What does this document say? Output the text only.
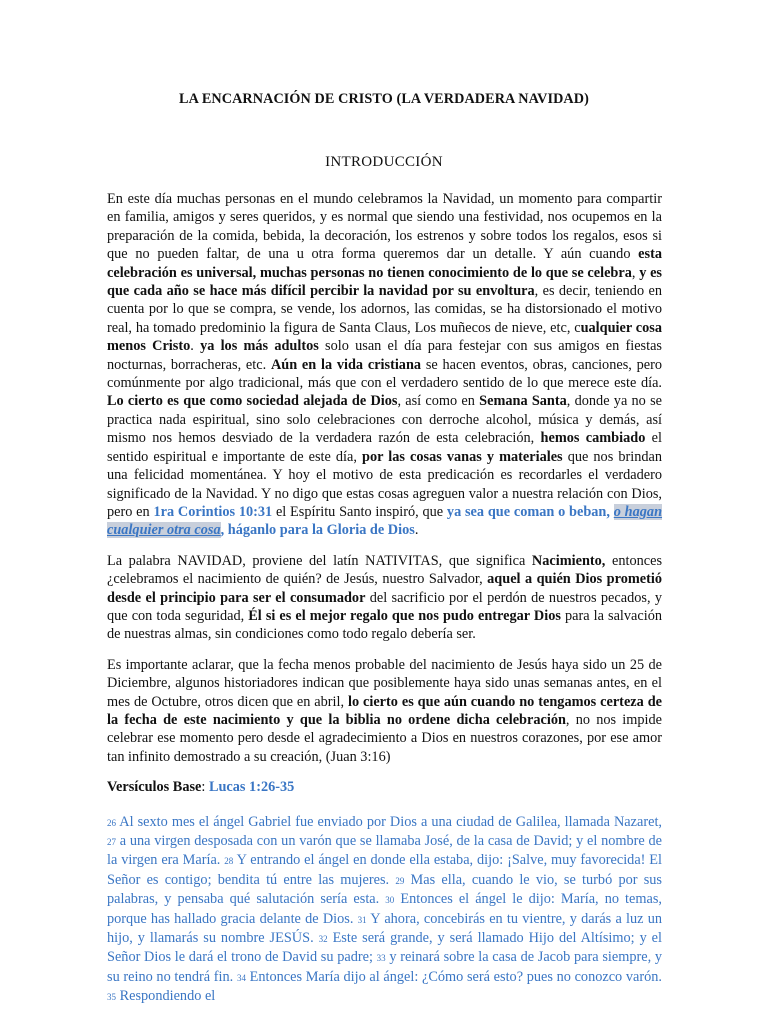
LA ENCARNACIÓN DE CRISTO (LA VERDADERA NAVIDAD)
INTRODUCCIÓN

En este día muchas personas en el mundo celebramos la Navidad, un momento para compartir en familia, amigos y seres queridos, y es normal que siendo una festividad, nos ocupemos en la preparación de la comida, bebida, la decoración, los estrenos y sobre todos los regalos, esos si que no pueden faltar, de una u otra forma queremos dar un detalle. Y aún cuando esta celebración es universal, muchas personas no tienen conocimiento de lo que se celebra, y es que cada año se hace más difícil percibir la navidad por su envoltura, es decir, teniendo en cuenta por lo que se compra, se vende, los adornos, las comidas, se ha distorsionado el motivo real, ha tomado predominio la figura de Santa Claus, Los muñecos de nieve, etc, cualquier cosa menos Cristo. ya los más adultos solo usan el día para festejar con sus amigos en fiestas nocturnas, borracheras, etc. Aún en la vida cristiana se hacen eventos, obras, canciones, pero comúnmente por algo tradicional, más que con el verdadero sentido de lo que merece este día. Lo cierto es que como sociedad alejada de Dios, así como en Semana Santa, donde ya no se practica nada espiritual, sino solo celebraciones con derroche alcohol, música y demás, así mismo nos hemos desviado de la verdadera razón de esta celebración, hemos cambiado el sentido espiritual e importante de este día, por las cosas vanas y materiales que nos brindan una felicidad momentánea. Y hoy el motivo de esta predicación es recordarles el verdadero significado de la Navidad. Y no digo que estas cosas agreguen valor a nuestra relación con Dios, pero en 1ra Corintios 10:31 el Espíritu Santo inspiró, que ya sea que coman o beban, o hagan cualquier otra cosa, háganlo para la Gloria de Dios.

La palabra NAVIDAD, proviene del latín NATIVITAS, que significa Nacimiento, entonces ¿celebramos el nacimiento de quién? de Jesús, nuestro Salvador, aquel a quién Dios prometió desde el principio para ser el consumador del sacrificio por el perdón de nuestros pecados, y que con toda seguridad, Él si es el mejor regalo que nos pudo entregar Dios para la salvación de nuestras almas, sin condiciones como todo regalo debería ser.

Es importante aclarar, que la fecha menos probable del nacimiento de Jesús haya sido un 25 de Diciembre, algunos historiadores indican que posiblemente haya sido unas semanas antes, en el mes de Octubre, otros dicen que en abril, lo cierto es que aún cuando no tengamos certeza de la fecha de este nacimiento y que la biblia no ordene dicha celebración, no nos impide celebrar ese momento pero desde el agradecimiento a Dios en nuestros corazones, por ese amor tan infinito demostrado a su creación, (Juan 3:16)

Versículos Base: Lucas 1:26-35

26 Al sexto mes el ángel Gabriel fue enviado por Dios a una ciudad de Galilea, llamada Nazaret, 27 a una virgen desposada con un varón que se llamaba José, de la casa de David; y el nombre de la virgen era María. 28 Y entrando el ángel en donde ella estaba, dijo: ¡Salve, muy favorecida! El Señor es contigo; bendita tú entre las mujeres. 29 Mas ella, cuando le vio, se turbó por sus palabras, y pensaba qué salutación sería esta. 30 Entonces el ángel le dijo: María, no temas, porque has hallado gracia delante de Dios. 31 Y ahora, concebirás en tu vientre, y darás a luz un hijo, y llamarás su nombre JESÚS. 32 Este será grande, y será llamado Hijo del Altísimo; y el Señor Dios le dará el trono de David su padre; 33 y reinará sobre la casa de Jacob para siempre, y su reino no tendrá fin. 34 Entonces María dijo al ángel: ¿Cómo será esto? pues no conozco varón. 35 Respondiendo el
